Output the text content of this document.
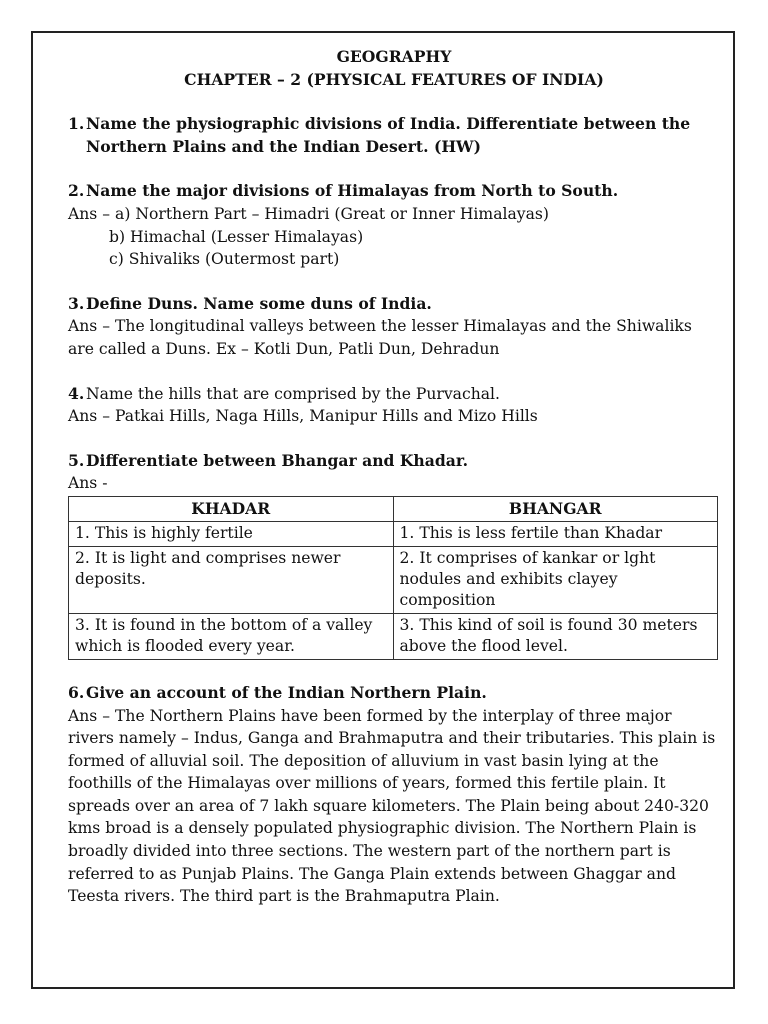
GEOGRAPHY
CHAPTER – 2 (PHYSICAL FEATURES OF INDIA)
1. Name the physiographic divisions of India. Differentiate between the
Northern Plains and the Indian Desert. (HW)
2. Name the major divisions of Himalayas from North to South.
Ans – a) Northern Part – Himadri (Great or Inner Himalayas)
b) Himachal (Lesser Himalayas)
c) Shivaliks (Outermost part)
3. Define Duns. Name some duns of India.
Ans – The longitudinal valleys between the lesser Himalayas and the Shiwaliks
are called a Duns. Ex – Kotli Dun, Patli Dun, Dehradun
4. Name the hills that are comprised by the Purvachal.
Ans – Patkai Hills, Naga Hills, Manipur Hills and Mizo Hills
5. Differentiate between Bhangar and Khadar.
Ans -
KHADAR	BHANGAR
1. This is highly fertile	1. This is less fertile than Khadar
2. It is light and comprises newer deposits.	2. It comprises of kankar or lght nodules and exhibits clayey composition
3. It is found in the bottom of a valley which is flooded every year.	3. This kind of soil is found 30 meters above the flood level.
6. Give an account of the Indian Northern Plain.
Ans – The Northern Plains have been formed by the interplay of three major
rivers namely – Indus, Ganga and Brahmaputra and their tributaries. This plain is
formed of alluvial soil. The deposition of alluvium in vast basin lying at the
foothills of the Himalayas over millions of years, formed this fertile plain. It
spreads over an area of 7 lakh square kilometers. The Plain being about 240-320
kms broad is a densely populated physiographic division. The Northern Plain is
broadly divided into three sections. The western part of the northern part is
referred to as Punjab Plains. The Ganga Plain extends between Ghaggar and
Teesta rivers. The third part is the Brahmaputra Plain.
